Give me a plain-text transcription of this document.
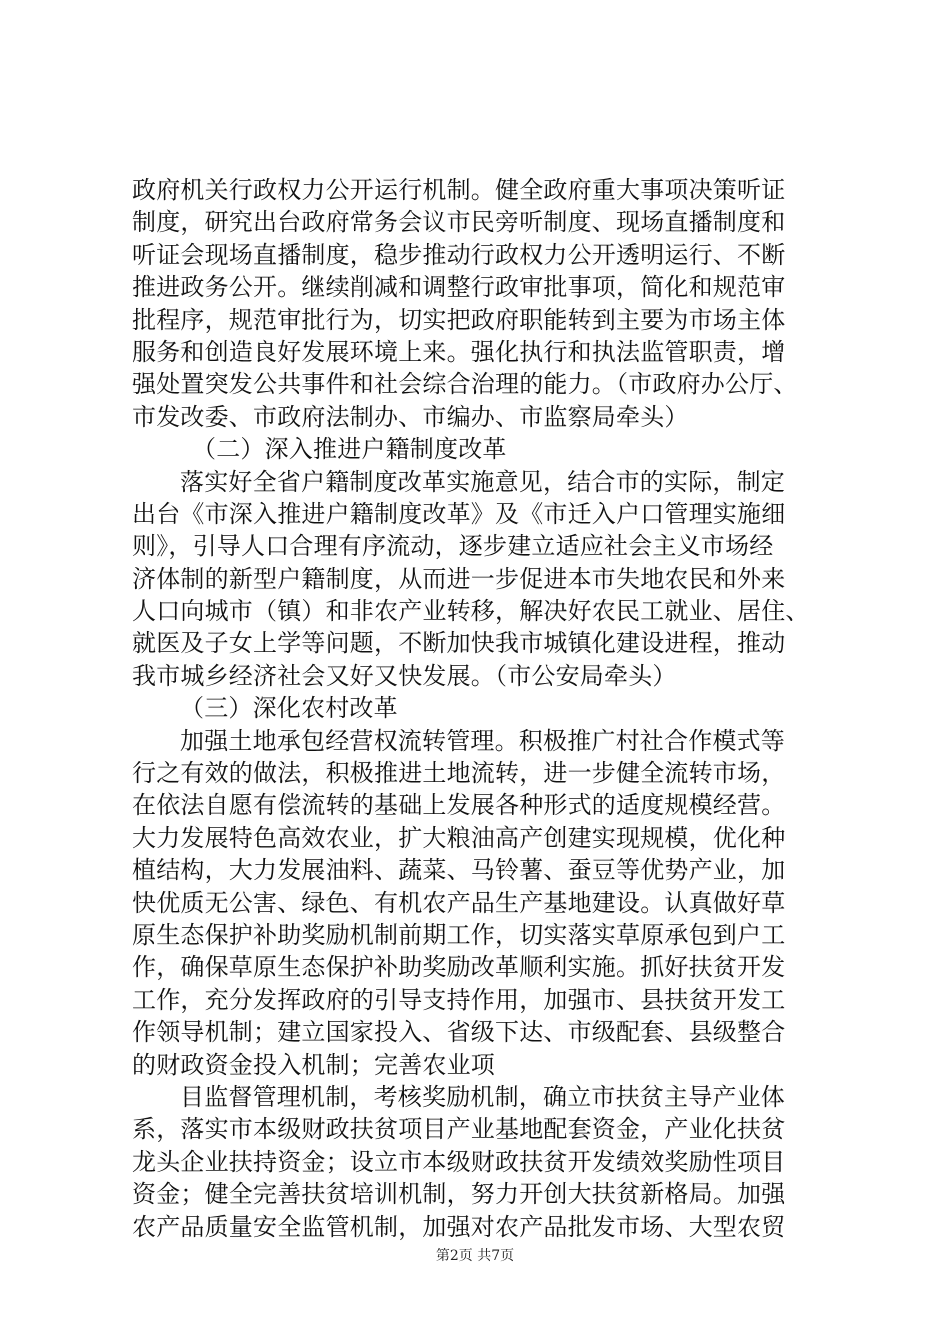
政府机关行政权力公开运行机制。健全政府重大事项决策听证
制度，研究出台政府常务会议市民旁听制度、现场直播制度和
听证会现场直播制度，稳步推动行政权力公开透明运行、不断
推进政务公开。继续削减和调整行政审批事项，简化和规范审
批程序，规范审批行为，切实把政府职能转到主要为市场主体
服务和创造良好发展环境上来。强化执行和执法监管职责，增
强处置突发公共事件和社会综合治理的能力。（市政府办公厅、
市发改委、市政府法制办、市编办、市监察局牵头）
（二）深入推进户籍制度改革
落实好全省户籍制度改革实施意见，结合市的实际，制定
出台《市深入推进户籍制度改革》及《市迁入户口管理实施细
则》，引导人口合理有序流动，逐步建立适应社会主义市场经
济体制的新型户籍制度，从而进一步促进本市失地农民和外来
人口向城市（镇）和非农产业转移，解决好农民工就业、居住、
就医及子女上学等问题，不断加快我市城镇化建设进程，推动
我市城乡经济社会又好又快发展。（市公安局牵头）
（三）深化农村改革
加强土地承包经营权流转管理。积极推广村社合作模式等
行之有效的做法，积极推进土地流转，进一步健全流转市场，
在依法自愿有偿流转的基础上发展各种形式的适度规模经营。
大力发展特色高效农业，扩大粮油高产创建实现规模，优化种
植结构，大力发展油料、蔬菜、马铃薯、蚕豆等优势产业，加
快优质无公害、绿色、有机农产品生产基地建设。认真做好草
原生态保护补助奖励机制前期工作，切实落实草原承包到户工
作，确保草原生态保护补助奖励改革顺利实施。抓好扶贫开发
工作，充分发挥政府的引导支持作用，加强市、县扶贫开发工
作领导机制；建立国家投入、省级下达、市级配套、县级整合
的财政资金投入机制；完善农业项
目监督管理机制，考核奖励机制，确立市扶贫主导产业体
系，落实市本级财政扶贫项目产业基地配套资金，产业化扶贫
龙头企业扶持资金；设立市本级财政扶贫开发绩效奖励性项目
资金；健全完善扶贫培训机制，努力开创大扶贫新格局。加强
农产品质量安全监管机制，加强对农产品批发市场、大型农贸
第2页 共7页
